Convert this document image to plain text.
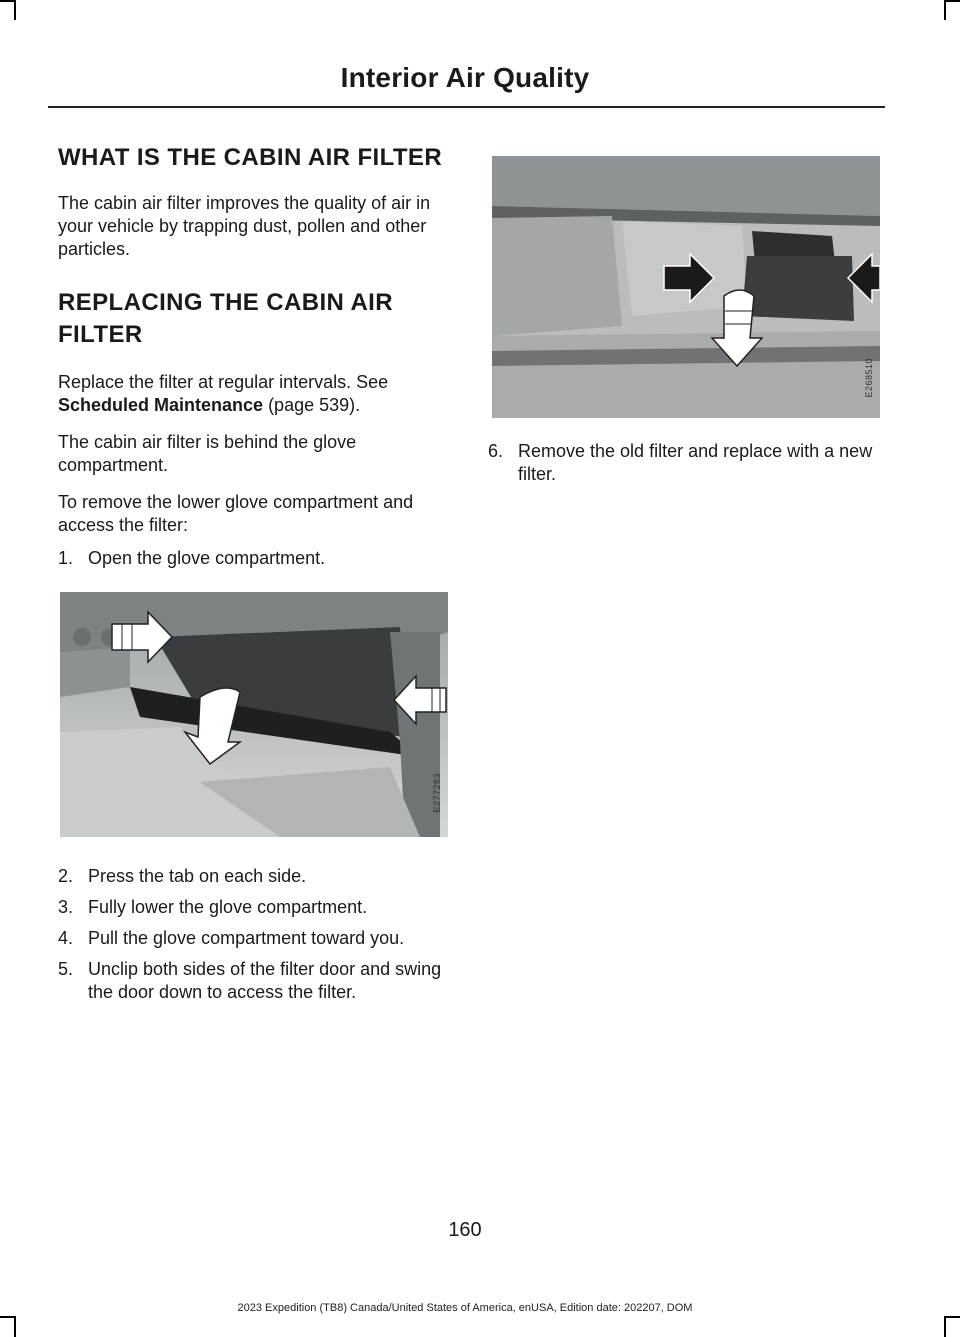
Interior Air Quality
WHAT IS THE CABIN AIR FILTER

The cabin air filter improves the quality of air in your vehicle by trapping dust, pollen and other particles.

REPLACING THE CABIN AIR FILTER

Replace the filter at regular intervals. See Scheduled Maintenance (page 539).

The cabin air filter is behind the glove compartment.

To remove the lower glove compartment and access the filter:

1. Open the glove compartment.
E277283
2. Press the tab on each side.
3. Fully lower the glove compartment.
4. Pull the glove compartment toward you.
5. Unclip both sides of the filter door and swing the door down to access the filter.
E268510
6. Remove the old filter and replace with a new filter.
160
2023 Expedition (TB8) Canada/United States of America, enUSA, Edition date: 202207, DOM
